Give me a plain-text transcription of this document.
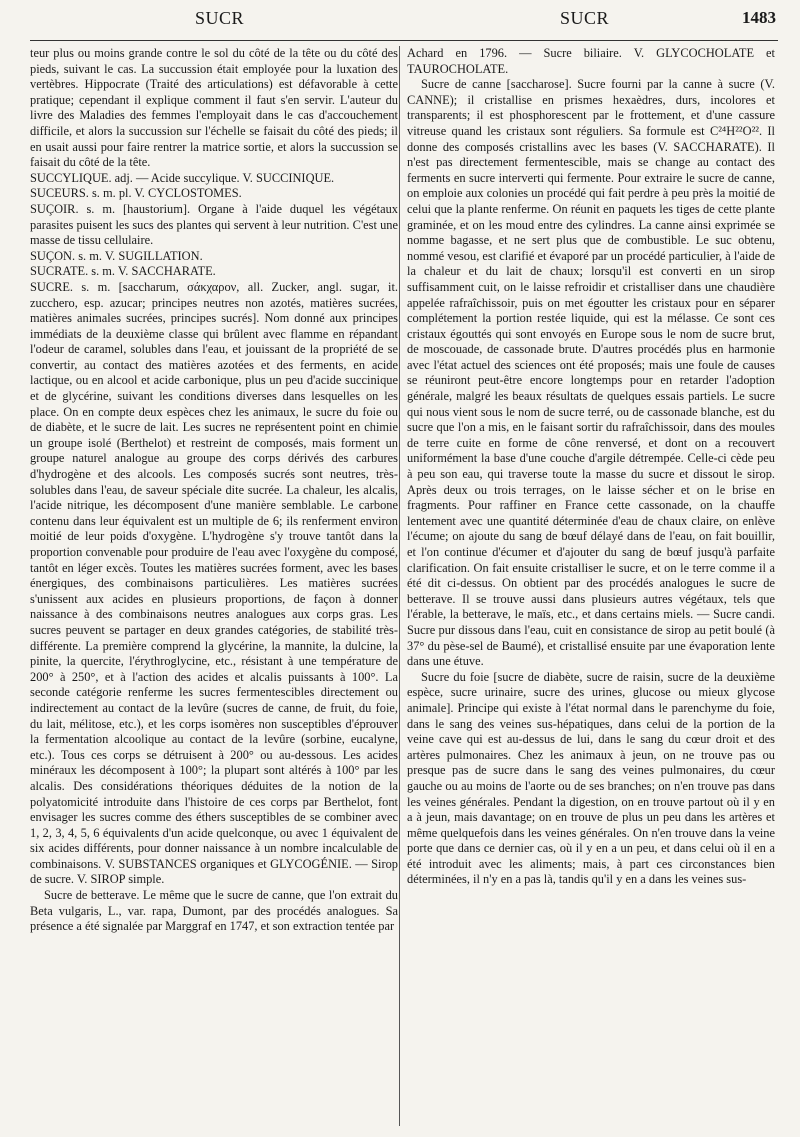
SUCR	SUCR	1483

teur plus ou moins grande contre le sol du côté de la tête ou du côté des pieds, suivant le cas. La succussion était employée pour la luxation des vertèbres. Hippocrate (Traité des articulations) est défavorable à cette pratique; cependant il explique comment il faut s'en servir. L'auteur du livre des Maladies des femmes l'employait dans le cas d'accouchement difficile, et alors la succussion sur l'échelle se faisait du côté des pieds; il en usait aussi pour faire rentrer la matrice sortie, et alors la succussion se faisait du côté de la tête.

SUCCYLIQUE. adj. — Acide succylique. V. SUCCINIQUE.

SUCEURS. s. m. pl. V. CYCLOSTOMES.

SUÇOIR. s. m. [haustorium]. Organe à l'aide duquel les végétaux parasites puisent les sucs des plantes qui servent à leur nutrition. C'est une masse de tissu cellulaire.

SUÇON. s. m. V. SUGILLATION.

SUCRATE. s. m. V. SACCHARATE.

SUCRE. s. m. [saccharum, σάκχαρον, all. Zucker, angl. sugar, it. zucchero, esp. azucar; principes neutres non azotés, matières sucrées, matières animales sucrées, principes sucrés]. Nom donné aux principes immédiats de la deuxième classe qui brûlent avec flamme en répandant l'odeur de caramel, solubles dans l'eau, et jouissant de la propriété de se convertir, au contact des matières azotées et des ferments, en acide lactique, ou en alcool et acide carbonique, plus un peu d'acide succinique et de glycérine, suivant les conditions diverses dans lesquelles on les place. On en compte deux espèces chez les animaux, le sucre du foie ou de diabète, et le sucre de lait. Les sucres ne représentent point en chimie un groupe isolé (Berthelot) et restreint de composés, mais forment un groupe naturel analogue au groupe des corps dérivés des carbures d'hydrogène et des alcools. Les composés sucrés sont neutres, très-solubles dans l'eau, de saveur spéciale dite sucrée. La chaleur, les alcalis, l'acide nitrique, les décomposent d'une manière semblable. Le carbone contenu dans leur équivalent est un multiple de 6; ils renferment environ moitié de leur poids d'oxygène. L'hydrogène s'y trouve tantôt dans la proportion convenable pour produire de l'eau avec l'oxygène du composé, tantôt en léger excès. Toutes les matières sucrées forment, avec les bases énergiques, des combinaisons particulières. Les matières sucrées s'unissent aux acides en plusieurs proportions, de façon à donner naissance à des combinaisons neutres analogues aux corps gras. Les sucres peuvent se partager en deux grandes catégories, de stabilité très-différente. La première comprend la glycérine, la mannite, la dulcine, la pinite, la quercite, l'érythroglycine, etc., résistant à une température de 200° à 250°, et à l'action des acides et alcalis puissants à 100°. La seconde catégorie renferme les sucres fermentescibles directement ou indirectement au contact de la levûre (sucres de canne, de fruit, du foie, du lait, mélitose, etc.), et les corps isomères non susceptibles d'éprouver la fermentation alcoolique au contact de la levûre (sorbine, eucalyne, etc.). Tous ces corps se détruisent à 200° ou au-dessous. Les acides minéraux les décomposent à 100°; la plupart sont altérés à 100° par les alcalis. Des considérations théoriques déduites de la notion de la polyatomicité introduite dans l'histoire de ces corps par Berthelot, font envisager les sucres comme des éthers susceptibles de se combiner avec 1, 2, 3, 4, 5, 6 équivalents d'un acide quelconque, ou avec 1 équivalent de six acides différents, pour donner naissance à un nombre incalculable de combinaisons. V. SUBSTANCES organiques et GLYCOGÉNIE. — Sirop de sucre. V. SIROP simple.

Sucre de betterave. Le même que le sucre de canne, que l'on extrait du Beta vulgaris, L., var. rapa, Dumont, par des procédés analogues. Sa présence a été signalée par Marggraf en 1747, et son extraction tentée par

Achard en 1796. — Sucre biliaire. V. GLYCOCHOLATE et TAUROCHOLATE.

Sucre de canne [saccharose]. Sucre fourni par la canne à sucre (V. CANNE); il cristallise en prismes hexaèdres, durs, incolores et transparents; il est phosphorescent par le frottement, et d'une cassure vitreuse quand les cristaux sont réguliers. Sa formule est C²⁴H²²O²². Il donne des composés cristallins avec les bases (V. SACCHARATE). Il n'est pas directement fermentescible, mais se change au contact des ferments en sucre interverti qui fermente. Pour extraire le sucre de canne, on emploie aux colonies un procédé qui fait perdre à peu près la moitié de celui que la plante renferme. On réunit en paquets les tiges de cette plante graminée, et on les moud entre des cylindres. La canne ainsi exprimée se nomme bagasse, et ne sert plus que de combustible. Le suc obtenu, nommé vesou, est clarifié et évaporé par un procédé particulier, à l'aide de la chaleur et du lait de chaux; lorsqu'il est converti en un sirop suffisamment cuit, on le laisse refroidir et cristalliser dans une chaudière appelée rafraîchissoir, puis on met égoutter les cristaux pour en séparer complétement la portion restée liquide, qui est la mélasse. Ce sont ces cristaux égouttés qui sont envoyés en Europe sous le nom de sucre brut, de moscouade, de cassonade brute. D'autres procédés plus en harmonie avec l'état actuel des sciences ont été proposés; mais une foule de causes se réuniront peut-être encore longtemps pour en retarder l'adoption générale, malgré les beaux résultats de quelques essais partiels. Le sucre qui nous vient sous le nom de sucre terré, ou de cassonade blanche, est du sucre que l'on a mis, en le faisant sortir du rafraîchissoir, dans des moules de terre cuite en forme de cône renversé, et dont on a recouvert uniformément la base d'une couche d'argile détrempée. Celle-ci cède peu à peu son eau, qui traverse toute la masse du sucre et dissout le sirop. Après deux ou trois terrages, on le laisse sécher et on le brise en fragments. Pour raffiner en France cette cassonade, on la chauffe lentement avec une quantité déterminée d'eau de chaux claire, on enlève l'écume; on ajoute du sang de bœuf délayé dans de l'eau, on fait bouillir, et l'on continue d'écumer et d'ajouter du sang de bœuf jusqu'à parfaite clarification. On fait ensuite cristalliser le sucre, et on le terre comme il a été dit ci-dessus. On obtient par des procédés analogues le sucre de betterave. Il se trouve aussi dans plusieurs autres végétaux, tels que l'érable, la betterave, le maïs, etc., et dans certains miels. — Sucre candi. Sucre pur dissous dans l'eau, cuit en consistance de sirop au petit boulé (à 37° du pèse-sel de Baumé), et cristallisé ensuite par une évaporation lente dans une étuve.

Sucre du foie [sucre de diabète, sucre de raisin, sucre de la deuxième espèce, sucre urinaire, sucre des urines, glucose ou mieux glycose animale]. Principe qui existe à l'état normal dans le parenchyme du foie, dans le sang des veines sus-hépatiques, dans celui de la portion de la veine cave qui est au-dessus de lui, dans le sang du cœur droit et des artères pulmonaires. Chez les animaux à jeun, on ne trouve pas ou presque pas de sucre dans le sang des veines pulmonaires, du cœur gauche ou au moins de l'aorte ou de ses branches; on n'en trouve pas dans les veines générales. Pendant la digestion, on en trouve partout où il y en a à jeun, mais davantage; on en trouve de plus un peu dans les artères et même quelquefois dans les veines générales. On n'en trouve dans la veine porte que dans ce dernier cas, où il y en a un peu, et dans celui où il en a été introduit avec les aliments; mais, à part ces circonstances bien déterminées, il n'y en a pas là, tandis qu'il y en a dans les veines sus-
